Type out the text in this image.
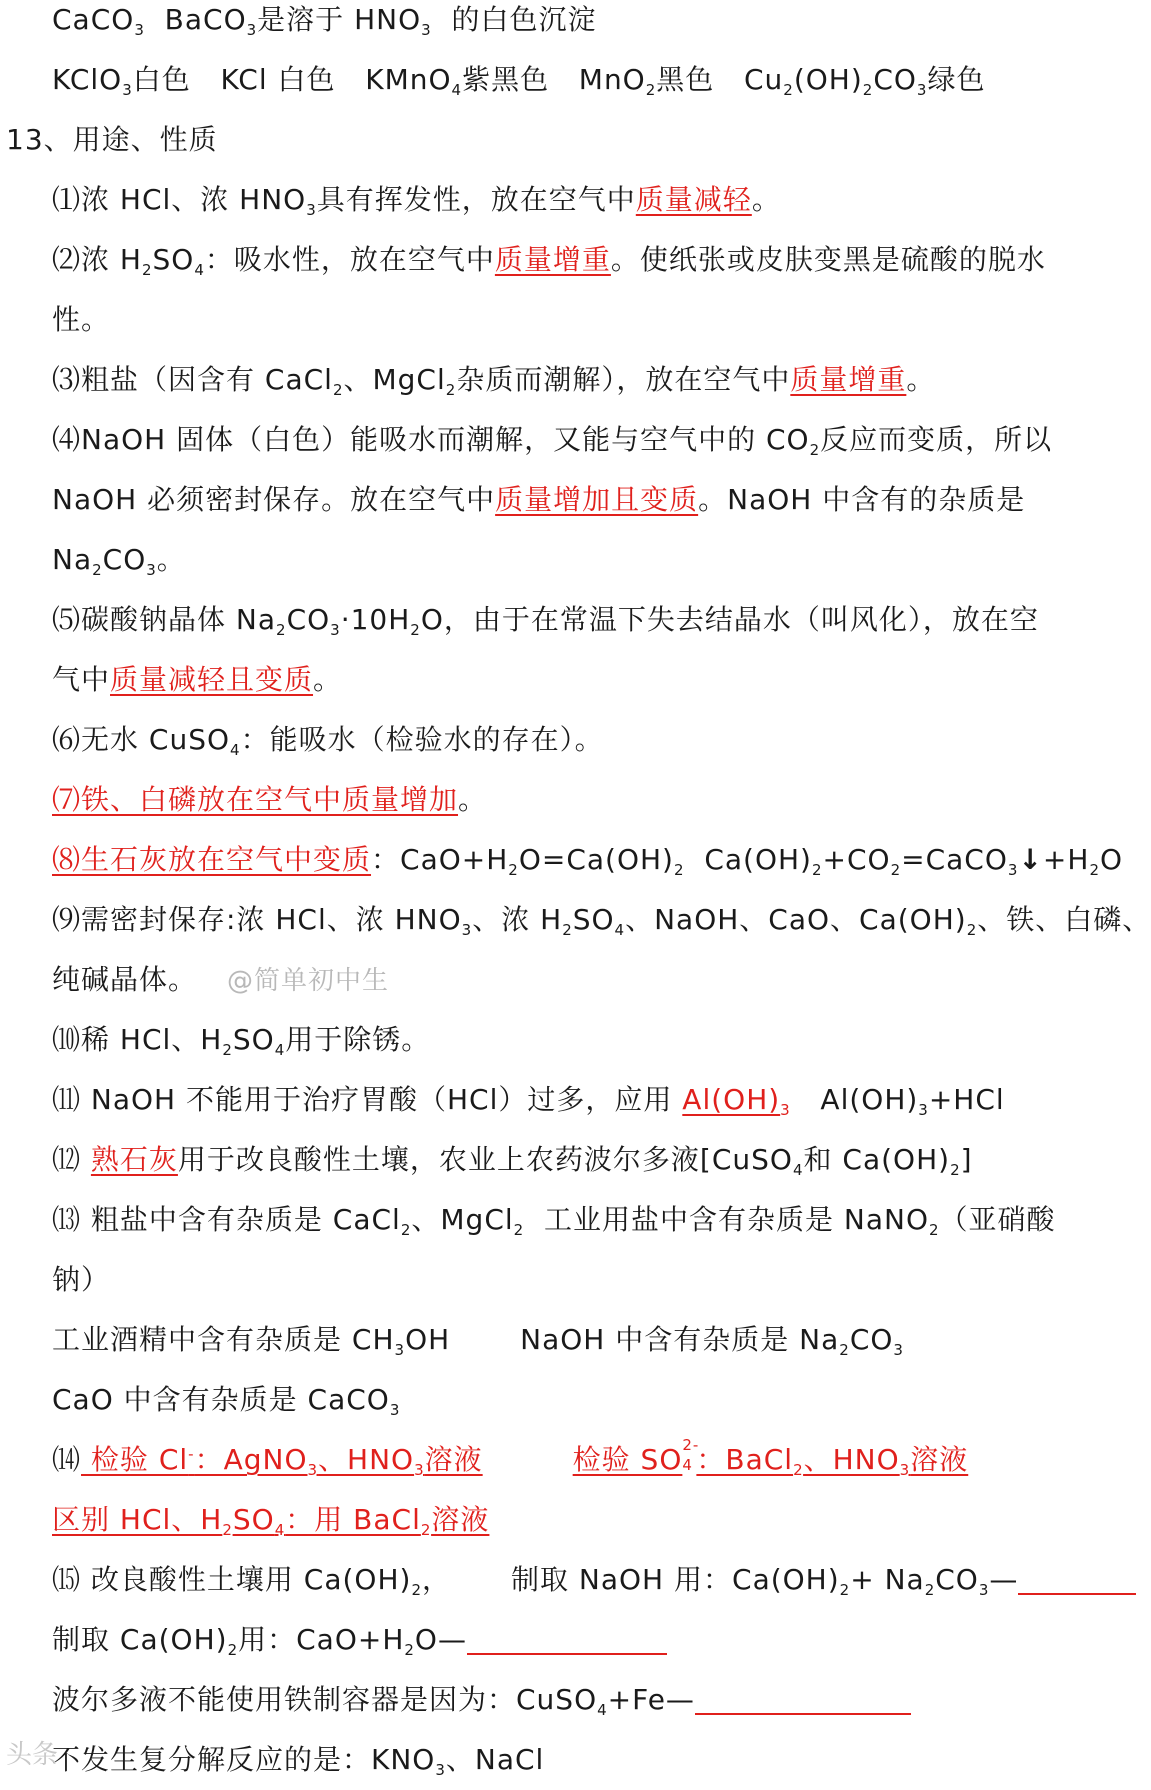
CaCO$_3$  BaCO$_3$是溶于 $HNO_3$  的白色沉淀
KClO$_3$白色   KCl 白色   KMnO$_4$紫黑色   MnO$_2$黑色   $Cu_2(OH)_2CO_3$绿色
13、用途、性质
⑴浓 HCl、浓 $HNO_3$具有挥发性，放在空气中质量减轻。
⑵浓 $H_2SO_4$：吸水性，放在空气中质量增重。使纸张或皮肤变黑是硫酸的脱水
性。
⑶粗盐（因含有 CaCl$_2$、MgCl$_2$杂质而潮解），放在空气中质量增重。
⑷NaOH 固体（白色）能吸水而潮解，又能与空气中的 $CO_2$反应而变质，所以
NaOH 必须密封保存。放在空气中质量增加且变质。NaOH 中含有的杂质是
$Na_2CO_3$。
⑸碳酸钠晶体 $Na_2CO_3\cdot 10H_2O$，由于在常温下失去结晶水（叫风化），放在空
气中质量减轻且变质。
⑹无水 CuSO$_4$：能吸水（检验水的存在）。
⑺铁、白磷放在空气中质量增加。
⑻生石灰放在空气中变质：$CaO+H_2O=Ca(OH)_2$  $Ca(OH)_2+CO_2=CaCO_3↓+H_2O$
⑼需密封保存:浓 HCl、浓 $HNO_3$、浓 $H_2SO_4$、NaOH、CaO、$Ca(OH)_2$、铁、白磷、
纯碱晶体。 @简单初中生
⑽稀 HCl、$H_2SO_4$用于除锈。
⑾ NaOH 不能用于治疗胃酸（HCl）过多，应用 $Al(OH)_3$   $Al(OH)_3+HCl$
⑿ 熟石灰用于改良酸性土壤，农业上农药波尔多液[CuSO$_4$和 $Ca(OH)_2$]
⒀ 粗盐中含有杂质是 CaCl$_2$、MgCl$_2$  工业用盐中含有杂质是 NaNO$_2$（亚硝酸
钠）
工业酒精中含有杂质是 $CH_3OH$	NaOH 中含有杂质是 $Na_2CO_3$
CaO 中含有杂质是 CaCO$_3$
⒁ 检验 Cl-：AgNO$_3$、$HNO_3$溶液	检验 SO 2-
4 ：BaCl$_2$、$HNO_3$溶液
区别 HCl、$H_2SO_4$：用 BaCl$_2$溶液
⒂ 改良酸性土壤用 $Ca(OH)_2$， 制取 NaOH 用：$Ca(OH)_2+$ $Na_2CO_3—$
制取 $Ca(OH)_2$用：$CaO+H_2O—$
波尔多液不能使用铁制容器是因为：CuSO$_4$+Fe—
不发生复分解反应的是：$KNO_3$、NaCl
头条
